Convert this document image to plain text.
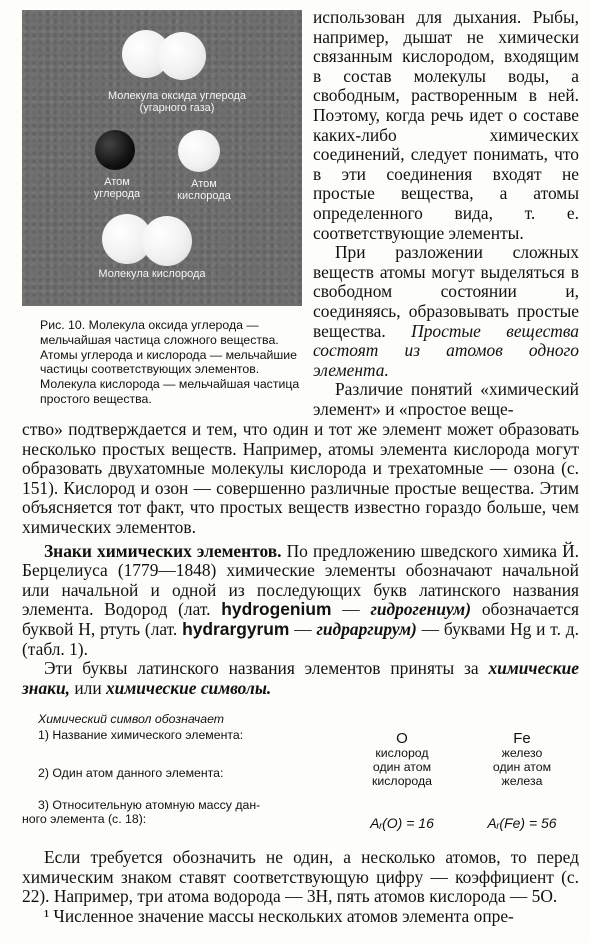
Молекула оксида углерода
(угарного газа)
Атом
углерода
Атом
кислорода
Молекула кислорода
Рис. 10. Молекула оксида углерода — мельчайшая частица сложного вещества. Атомы углерода и кислорода — мельчайшие частицы соответствующих элементов. Молекула кислорода — мельчайшая частица простого вещества.

использован для дыхания. Рыбы, например, дышат не химически связанным кислородом, входящим в состав молекулы воды, а свободным, растворенным в ней. Поэтому, когда речь идет о составе каких-либо химических соединений, следует понимать, что в эти соединения входят не простые вещества, а атомы определенного вида, т. е. соответствующие элементы.

При разложении сложных веществ атомы могут выделяться в свободном состоянии и, соединяясь, образовывать простые вещества. Простые вещества состоят из атомов одного элемента.

Различие понятий «химический элемент» и «простое веще-

ство» подтверждается и тем, что один и тот же элемент может образовать несколько простых веществ. Например, атомы элемента кислорода могут образовать двухатомные молекулы кислорода и трехатомные — озона (с. 151). Кислород и озон — совершенно различные простые вещества. Этим объясняется тот факт, что простых веществ известно гораздо больше, чем химических элементов.

Знаки химических элементов. По предложению шведского химика Й. Берцелиуса (1779—1848) химические элементы обозначают начальной или начальной и одной из последующих букв латинского названия элемента. Водород (лат. hydrogenium — гидрогениум) обозначается буквой Н, ртуть (лат. hydrargyrum — гидраргирум) — буквами Hg и т. д. (табл. 1).

Эти буквы латинского названия элементов приняты за химические знаки, или химические символы.

Химический символ обозначает
1) Название химического элемента:
2) Один атом данного элемента:
3) Относительную атомную массу дан-
ного элемента (с. 18):
O
кислород
один атом
кислорода
Aᵣ(O) = 16
Fe
железо
один атом
железа
Aᵣ(Fe) = 56

Если требуется обозначить не один, а несколько атомов, то перед химическим знаком ставят соответствующую цифру — коэффициент (с. 22). Например, три атома водорода — 3Н, пять атомов кислорода — 5О.

¹ Численное значение массы нескольких атомов элемента опре-
